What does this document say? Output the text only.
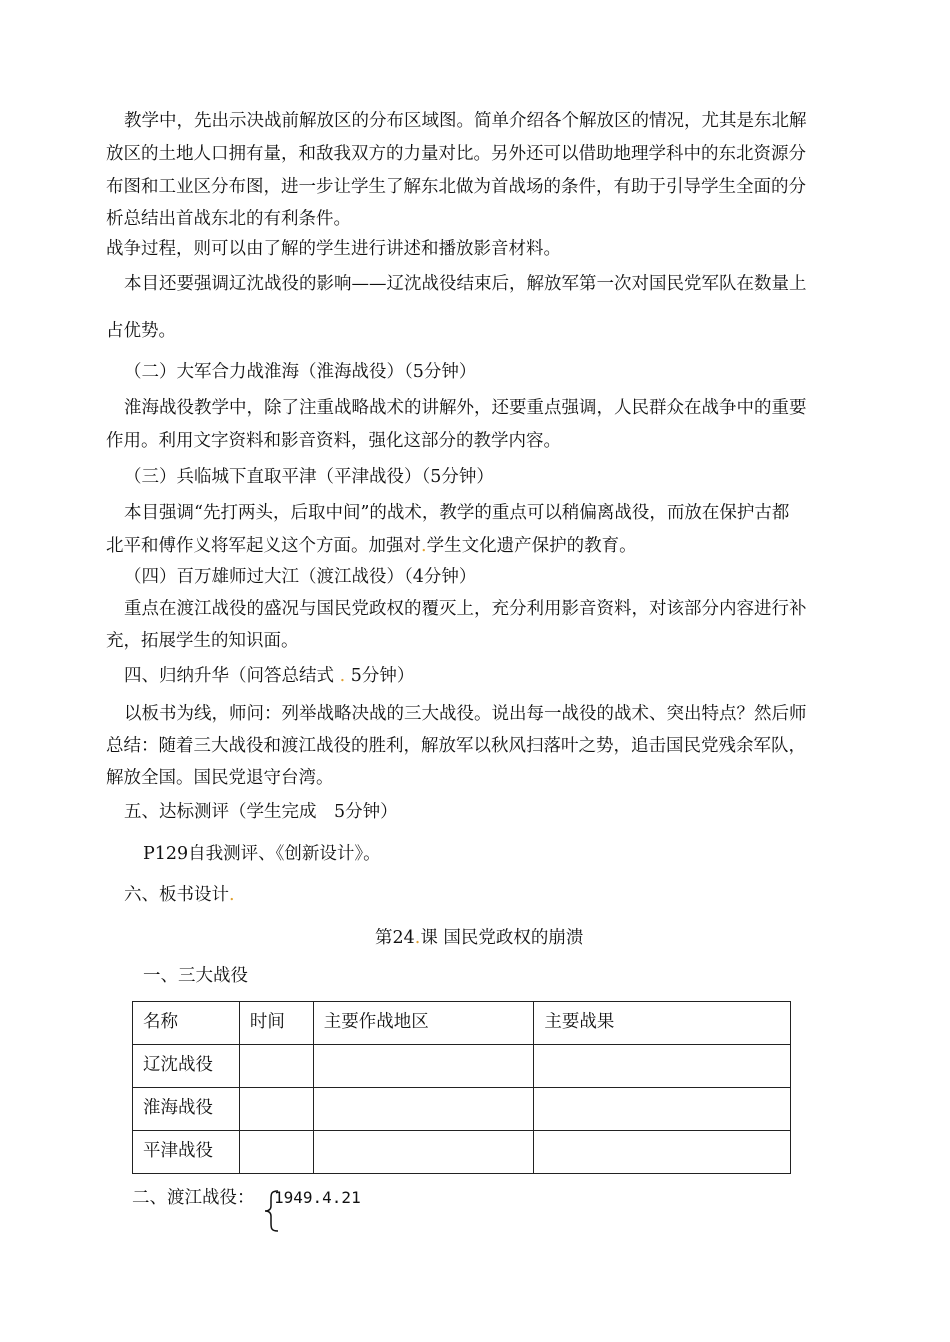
教学中，先出示决战前解放区的分布区域图。简单介绍各个解放区的情况，尤其是东北解
放区的土地人口拥有量，和敌我双方的力量对比。另外还可以借助地理学科中的东北资源分
布图和工业区分布图，进一步让学生了解东北做为首战场的条件，有助于引导学生全面的分
析总结出首战东北的有利条件。
战争过程，则可以由了解的学生进行讲述和播放影音材料。
本目还要强调辽沈战役的影响——辽沈战役结束后，解放军第一次对国民党军队在数量上
占优势。
（二）大军合力战淮海（淮海战役）（5分钟）
淮海战役教学中，除了注重战略战术的讲解外，还要重点强调，人民群众在战争中的重要
作用。利用文字资料和影音资料，强化这部分的教学内容。
（三）兵临城下直取平津（平津战役）（5分钟）
本目强调“先打两头，后取中间”的战术，教学的重点可以稍偏离战役，而放在保护古都
北平和傅作义将军起义这个方面。加强对.学生文化遗产保护的教育。
（四）百万雄师过大江（渡江战役）（4分钟）
重点在渡江战役的盛况与国民党政权的覆灭上，充分利用影音资料，对该部分内容进行补
充，拓展学生的知识面。
四、归纳升华（问答总结式 . 5分钟）
以板书为线，师问：列举战略决战的三大战役。说出每一战役的战术、突出特点？然后师
总结：随着三大战役和渡江战役的胜利，解放军以秋风扫落叶之势，追击国民党残余军队，
解放全国。国民党退守台湾。
五、达标测评（学生完成　5分钟）
P129自我测评、《创新设计》。
六、板书设计.
第24.课 国民党政权的崩溃
一、三大战役
名称	时间	主要作战地区	主要战果
辽沈战役			
淮海战役			
平津战役			
二、渡江战役： 1949.4.21
